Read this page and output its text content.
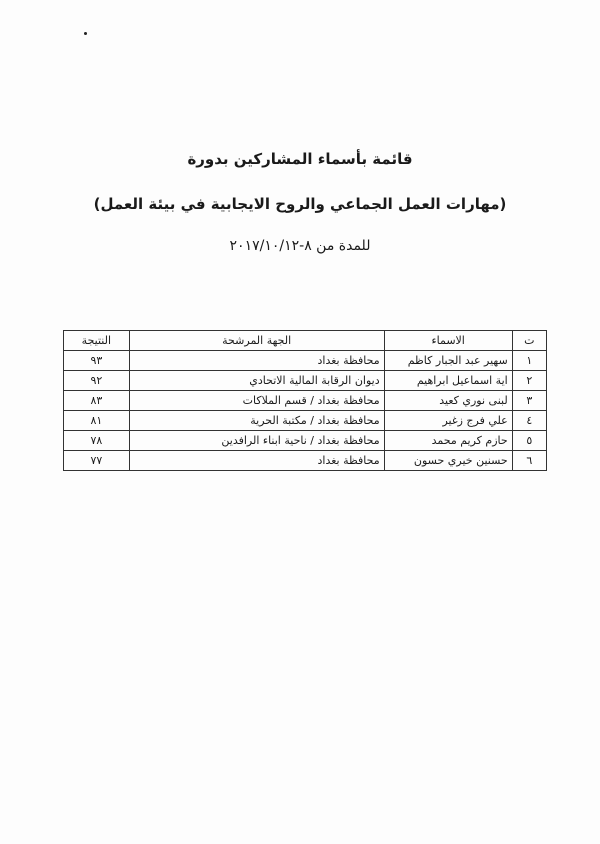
قائمة بأسماء المشاركين بدورة
(مهارات العمل الجماعي والروح الايجابية في بيئة العمل)
للمدة من ٨-٢٠١٧/١٠/١٢
ت	الاسماء	الجهة المرشحة	النتيجة
١	سهير عبد الجبار كاظم	محافظة بغداد	٩٣
٢	اية اسماعيل ابراهيم	ديوان الرقابة المالية الاتحادي	٩٢
٣	لبنى نوري كعيد	محافظة بغداد / قسم الملاكات	٨٣
٤	علي فرج زغير	محافظة بغداد / مكتبة الحرية	٨١
٥	حازم كريم محمد	محافظة بغداد / ناحية ابناء الرافدين	٧٨
٦	حسنين خيري حسون	محافظة بغداد	٧٧
